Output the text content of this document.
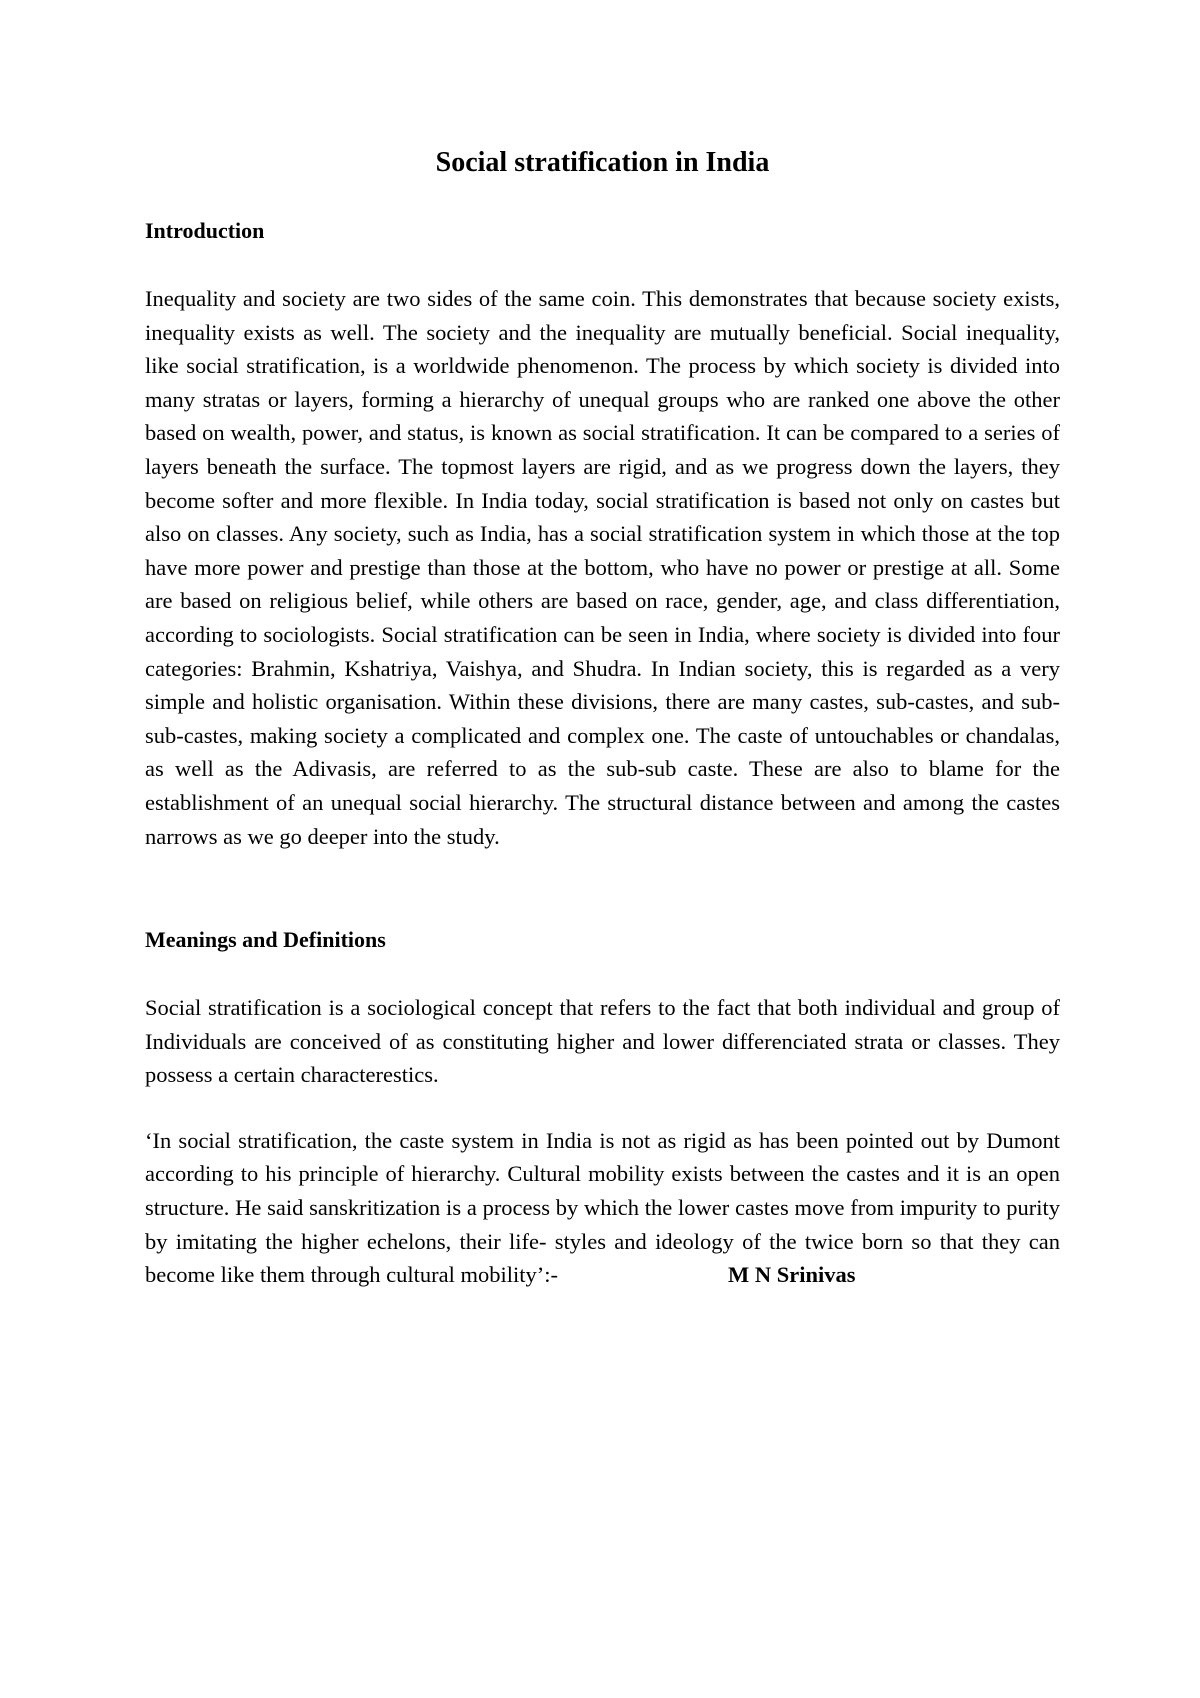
Social stratification in India
Introduction

Inequality and society are two sides of the same coin. This demonstrates that because society exists, inequality exists as well. The society and the inequality are mutually beneficial. Social inequality, like social stratification, is a worldwide phenomenon. The process by which society is divided into many stratas or layers, forming a hierarchy of unequal groups who are ranked one above the other based on wealth, power, and status, is known as social stratification. It can be compared to a series of layers beneath the surface. The topmost layers are rigid, and as we progress down the layers, they become softer and more flexible. In India today, social stratification is based not only on castes but also on classes. Any society, such as India, has a social stratification system in which those at the top have more power and prestige than those at the bottom, who have no power or prestige at all. Some are based on religious belief, while others are based on race, gender, age, and class differentiation, according to sociologists. Social stratification can be seen in India, where society is divided into four categories: Brahmin, Kshatriya, Vaishya, and Shudra. In Indian society, this is regarded as a very simple and holistic organisation. Within these divisions, there are many castes, sub-castes, and sub-sub-castes, making society a complicated and complex one. The caste of untouchables or chandalas, as well as the Adivasis, are referred to as the sub-sub caste. These are also to blame for the establishment of an unequal social hierarchy. The structural distance between and among the castes narrows as we go deeper into the study.

Meanings and Definitions

Social stratification is a sociological concept that refers to the fact that both individual and group of Individuals are conceived of as constituting higher and lower differenciated strata or classes. They possess a certain characterestics.

‘In social stratification, the caste system in India is not as rigid as has been pointed out by Dumont according to his principle of hierarchy. Cultural mobility exists between the castes and it is an open structure. He said sanskritization is a process by which the lower castes move from impurity to purity by imitating the higher echelons, their life- styles and ideology of the twice born so that they can become like them through cultural mobility’:-	M N Srinivas
